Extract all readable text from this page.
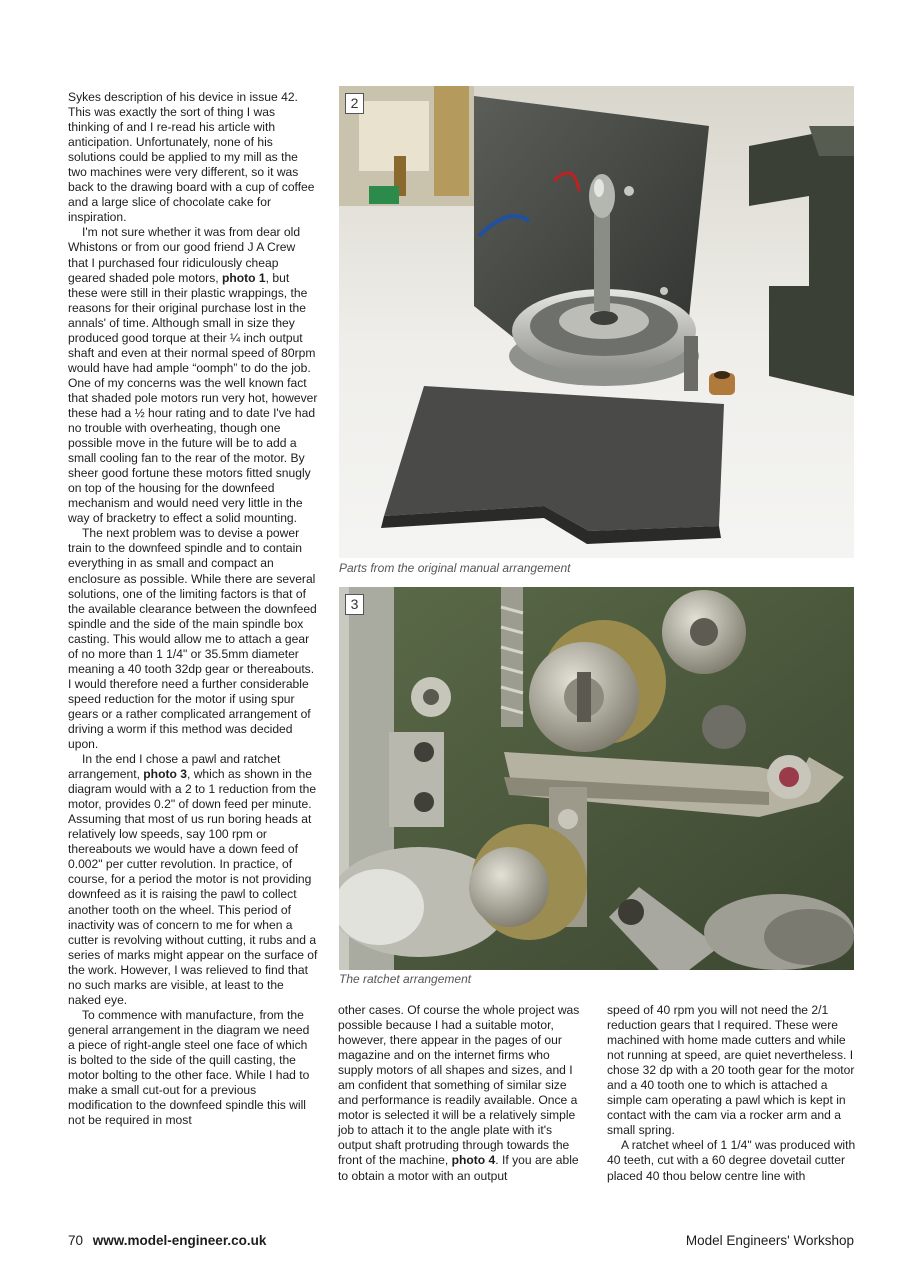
Sykes description of his device in issue 42. This was exactly the sort of thing I was thinking of and I re-read his article with anticipation. Unfortunately, none of his solutions could be applied to my mill as the two machines were very different, so it was back to the drawing board with a cup of coffee and a large slice of chocolate cake for inspiration.

I'm not sure whether it was from dear old Whistons or from our good friend J A Crew that I purchased four ridiculously cheap geared shaded pole motors, photo 1, but these were still in their plastic wrappings, the reasons for their original purchase lost in the annals' of time. Although small in size they produced good torque at their ¼ inch output shaft and even at their normal speed of 80rpm would have had ample “oomph” to do the job. One of my concerns was the well known fact that shaded pole motors run very hot, however these had a ½ hour rating and to date I've had no trouble with overheating, though one possible move in the future will be to add a small cooling fan to the rear of the motor. By sheer good fortune these motors fitted snugly on top of the housing for the downfeed mechanism and would need very little in the way of bracketry to effect a solid mounting.

The next problem was to devise a power train to the downfeed spindle and to contain everything in as small and compact an enclosure as possible. While there are several solutions, one of the limiting factors is that of the available clearance between the downfeed spindle and the side of the main spindle box casting. This would allow me to attach a gear of no more than 1 1/4" or 35.5mm diameter meaning a 40 tooth 32dp gear or thereabouts. I would therefore need a further considerable speed reduction for the motor if using spur gears or a rather complicated arrangement of driving a worm if this method was decided upon.

In the end I chose a pawl and ratchet arrangement, photo 3, which as shown in the diagram would with a 2 to 1 reduction from the motor, provides 0.2" of down feed per minute. Assuming that most of us run boring heads at relatively low speeds, say 100 rpm or thereabouts we would have a down feed of 0.002" per cutter revolution. In practice, of course, for a period the motor is not providing downfeed as it is raising the pawl to collect another tooth on the wheel. This period of inactivity was of concern to me for when a cutter is revolving without cutting, it rubs and a series of marks might appear on the surface of the work. However, I was relieved to find that no such marks are visible, at least to the naked eye.

To commence with manufacture, from the general arrangement in the diagram we need a piece of right-angle steel one face of which is bolted to the side of the quill casting, the motor bolting to the other face. While I had to make a small cut-out for a previous modification to the downfeed spindle this will not be required in most

2
Parts from the original manual arrangement
3
The ratchet arrangement

other cases. Of course the whole project was possible because I had a suitable motor, however, there appear in the pages of our magazine and on the internet firms who supply motors of all shapes and sizes, and I am confident that something of similar size and performance is readily available. Once a motor is selected it will be a relatively simple job to attach it to the angle plate with it's output shaft protruding through towards the front of the machine, photo 4. If you are able to obtain a motor with an output

speed of 40 rpm you will not need the 2/1 reduction gears that I required. These were machined with home made cutters and while not running at speed, are quiet nevertheless. I chose 32 dp with a 20 tooth gear for the motor and a 40 tooth one to which is attached a simple cam operating a pawl which is kept in contact with the cam via a rocker arm and a small spring.

A ratchet wheel of 1 1/4" was produced with 40 teeth, cut with a 60 degree dovetail cutter placed 40 thou below centre line with

70 www.model-engineer.co.uk	Model Engineers' Workshop
